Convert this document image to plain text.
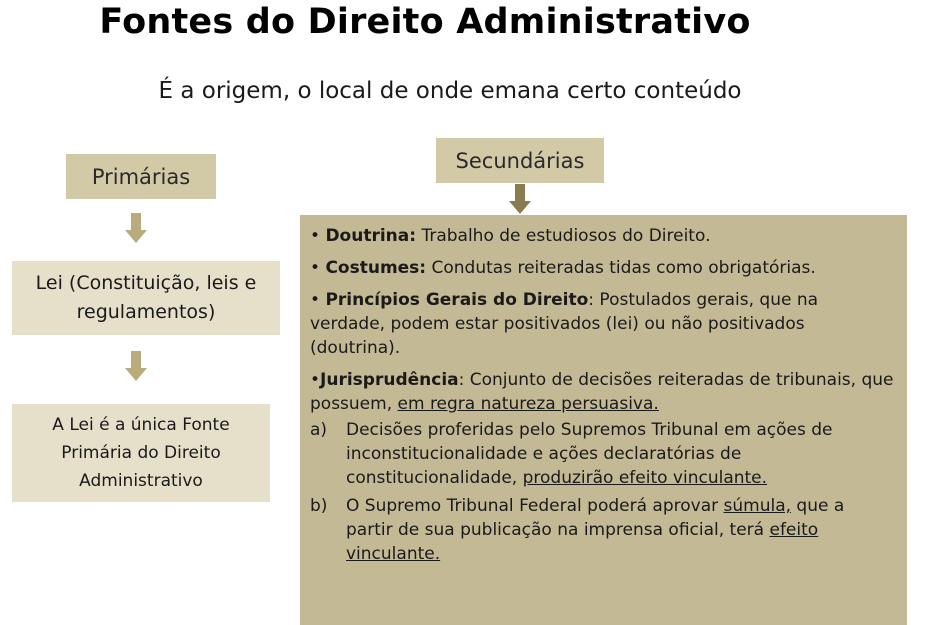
Fontes do Direito Administrativo
É a origem, o local de onde emana certo conteúdo
Primárias
Lei (Constituição, leis e regulamentos)
A Lei é a única Fonte Primária do Direito Administrativo
Secundárias

• Doutrina: Trabalho de estudiosos do Direito.

• Costumes: Condutas reiteradas tidas como obrigatórias.

• Princípios Gerais do Direito: Postulados gerais, que na verdade, podem estar positivados (lei) ou não positivados (doutrina).

•Jurisprudência: Conjunto de decisões reiteradas de tribunais, que possuem, em regra natureza persuasiva.

a)	Decisões proferidas pelo Supremos Tribunal em ações de inconstitucionalidade e ações declaratórias de constitucionalidade, produzirão efeito vinculante.
b)	O Supremo Tribunal Federal poderá aprovar súmula, que a partir de sua publicação na imprensa oficial, terá efeito vinculante.
